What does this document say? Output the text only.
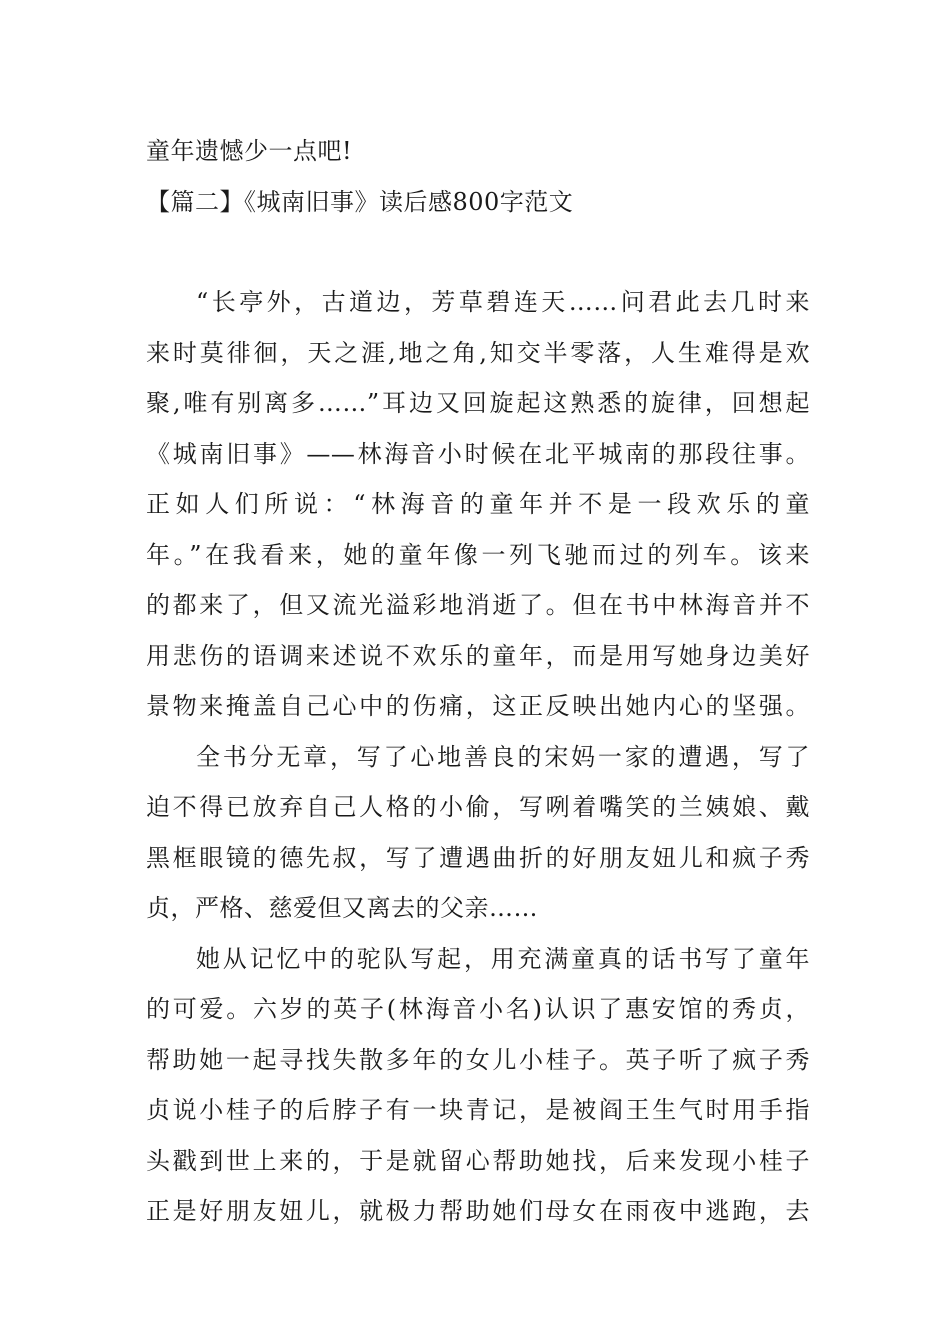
童年遗憾少一点吧!
【篇二】《城南旧事》读后感800字范文
“长亭外，古道边，芳草碧连天……问君此去几时来
来时莫徘徊，天之涯,地之角,知交半零落，人生难得是欢
聚,唯有别离多……”耳边又回旋起这熟悉的旋律，回想起
《城南旧事》——林海音小时候在北平城南的那段往事。
正如人们所说：“林海音的童年并不是一段欢乐的童
年。”在我看来，她的童年像一列飞驰而过的列车。该来
的都来了，但又流光溢彩地消逝了。但在书中林海音并不
用悲伤的语调来述说不欢乐的童年，而是用写她身边美好
景物来掩盖自己心中的伤痛，这正反映出她内心的坚强。
全书分无章，写了心地善良的宋妈一家的遭遇，写了
迫不得已放弃自己人格的小偷，写咧着嘴笑的兰姨娘、戴
黑框眼镜的德先叔，写了遭遇曲折的好朋友妞儿和疯子秀
贞，严格、慈爱但又离去的父亲……
她从记忆中的驼队写起，用充满童真的话书写了童年
的可爱。六岁的英子(林海音小名)认识了惠安馆的秀贞，
帮助她一起寻找失散多年的女儿小桂子。英子听了疯子秀
贞说小桂子的后脖子有一块青记，是被阎王生气时用手指
头戳到世上来的，于是就留心帮助她找，后来发现小桂子
正是好朋友妞儿，就极力帮助她们母女在雨夜中逃跑，去
